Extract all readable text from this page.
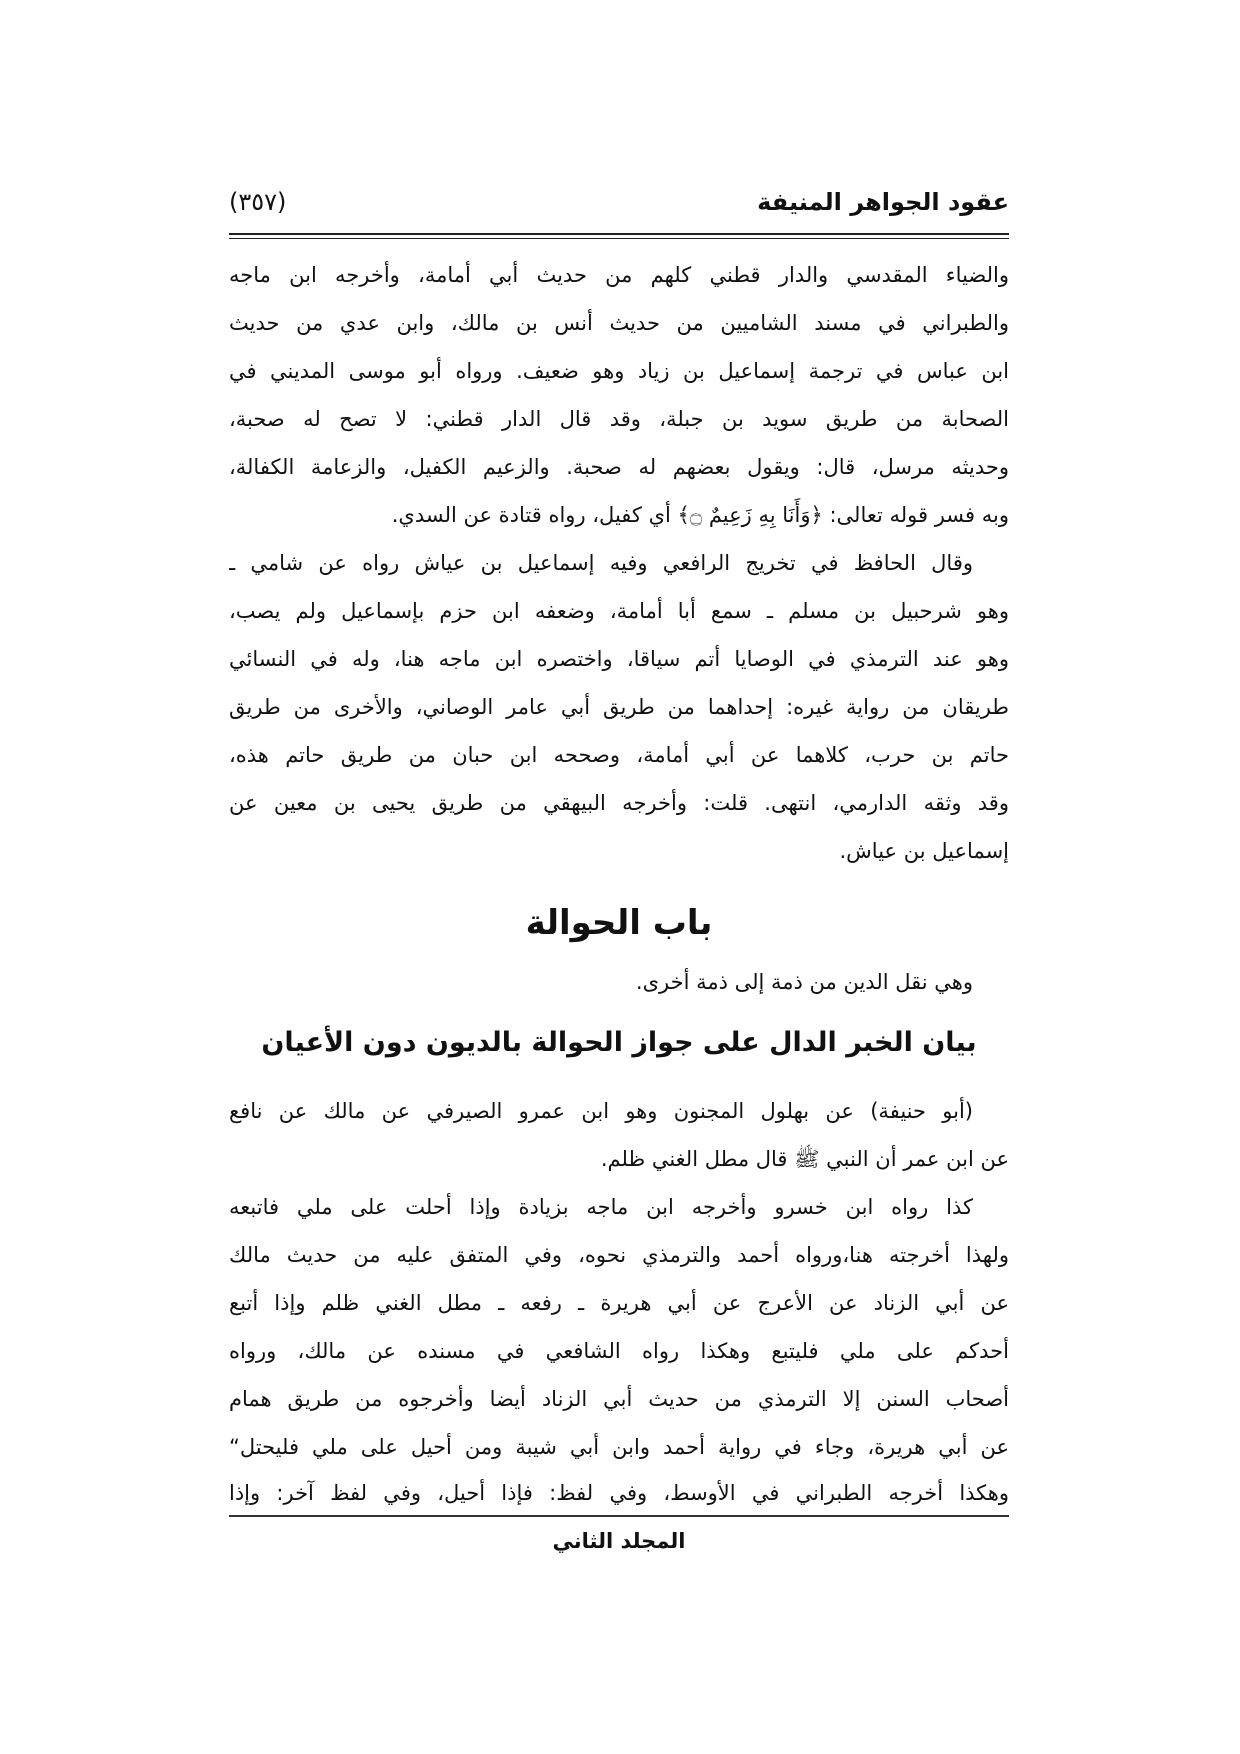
عقود الجواهر المنيفة
(٣٥٧)
والضياء المقدسي والدار قطني كلهم من حديث أبي أمامة، وأخرجه ابن ماجه
والطبراني في مسند الشاميين من حديث أنس بن مالك، وابن عدي من حديث
ابن عباس في ترجمة إسماعيل بن زياد وهو ضعيف. ورواه أبو موسى المديني في
الصحابة من طريق سويد بن جبلة، وقد قال الدار قطني: لا تصح له صحبة،
وحديثه مرسل، قال: ويقول بعضهم له صحبة. والزعيم الكفيل، والزعامة الكفالة،
وبه فسر قوله تعالى: ﴿وَأَنَا بِهِ زَعِيمٌ ۝﴾ أي كفيل، رواه قتادة عن السدي.
وقال الحافظ في تخريج الرافعي وفيه إسماعيل بن عياش رواه عن شامي ـ
وهو شرحبيل بن مسلم ـ سمع أبا أمامة، وضعفه ابن حزم بإسماعيل ولم يصب،
وهو عند الترمذي في الوصايا أتم سياقا، واختصره ابن ماجه هنا، وله في النسائي
طريقان من رواية غيره: إحداهما من طريق أبي عامر الوصاني، والأخرى من طريق
حاتم بن حرب، كلاهما عن أبي أمامة، وصححه ابن حبان من طريق حاتم هذه،
وقد وثقه الدارمي، انتهى. قلت: وأخرجه البيهقي من طريق يحيى بن معين عن
إسماعيل بن عياش.
باب الحوالة
وهي نقل الدين من ذمة إلى ذمة أخرى.
بيان الخبر الدال على جواز الحوالة بالديون دون الأعيان
(أبو حنيفة) عن بهلول المجنون وهو ابن عمرو الصيرفي عن مالك عن نافع
عن ابن عمر أن النبي ﷺ قال مطل الغني ظلم.
كذا رواه ابن خسرو وأخرجه ابن ماجه بزيادة وإذا أحلت على ملي فاتبعه
ولهذا أخرجته هنا،ورواه أحمد والترمذي نحوه، وفي المتفق عليه من حديث مالك
عن أبي الزناد عن الأعرج عن أبي هريرة ـ رفعه ـ مطل الغني ظلم وإذا أتبع
أحدكم على ملي فليتبع وهكذا رواه الشافعي في مسنده عن مالك، ورواه
أصحاب السنن إلا الترمذي من حديث أبي الزناد أيضا وأخرجوه من طريق همام
عن أبي هريرة، وجاء في رواية أحمد وابن أبي شيبة ومن أحيل على ملي فليحتل“
وهكذا أخرجه الطبراني في الأوسط، وفي لفظ: فإذا أحيل، وفي لفظ آخر: وإذا
المجلد الثاني
